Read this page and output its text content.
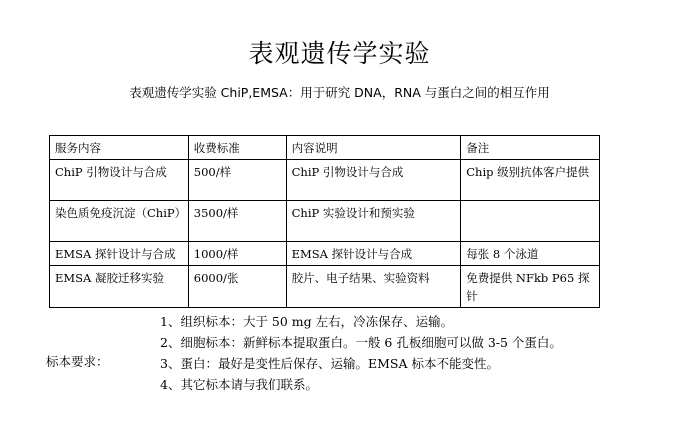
表观遗传学实验
表观遗传学实验 ChiP,EMSA：用于研究 DNA，RNA 与蛋白之间的相互作用
服务内容	收费标准	内容说明	备注
ChiP 引物设计与合成	500/样	ChiP 引物设计与合成	Chip 级别抗体客户提供
染色质免疫沉淀（ChiP）	3500/样	ChiP 实验设计和预实验	
EMSA 探针设计与合成	1000/样	EMSA 探针设计与合成	每张 8 个泳道
EMSA 凝胶迁移实验	6000/张	胶片、电子结果、实验资料	免费提供 NFkb P65 探针
标本要求：
1、组织标本：大于 50 mg 左右，冷冻保存、运输。
2、细胞标本：新鲜标本提取蛋白。一般 6 孔板细胞可以做 3-5 个蛋白。
3、蛋白：最好是变性后保存、运输。EMSA 标本不能变性。
4、其它标本请与我们联系。
